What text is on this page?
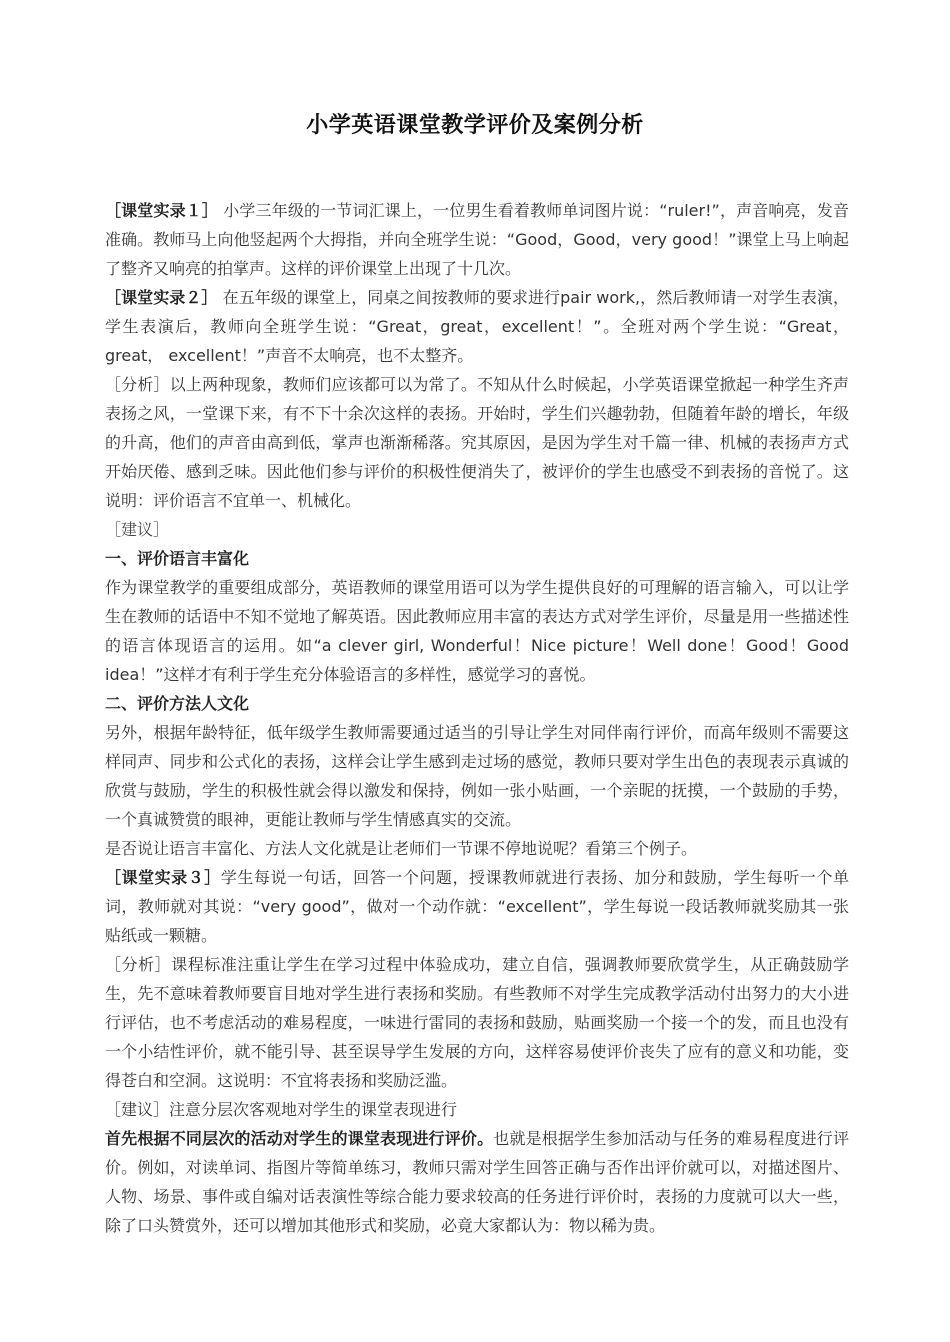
小学英语课堂教学评价及案例分析

［课堂实录１］ 小学三年级的一节词汇课上，一位男生看着教师单词图片说：“ruler!”，声音响亮，发音准确。教师马上向他竖起两个大拇指，并向全班学生说：“Good，Good，very good！”课堂上马上响起了整齐又响亮的拍掌声。这样的评价课堂上出现了十几次。

［课堂实录２］ 在五年级的课堂上，同桌之间按教师的要求进行pair work,，然后教师请一对学生表演，学生表演后，教师向全班学生说：“Great，great，excellent！”。全班对两个学生说：“Great， great， excellent！”声音不太响亮，也不太整齐。

［分析］以上两种现象，教师们应该都可以为常了。不知从什么时候起，小学英语课堂掀起一种学生齐声表扬之风，一堂课下来，有不下十余次这样的表扬。开始时，学生们兴趣勃勃，但随着年龄的增长，年级的升高，他们的声音由高到低，掌声也渐渐稀落。究其原因，是因为学生对千篇一律、机械的表扬声方式开始厌倦、感到乏味。因此他们参与评价的积极性便消失了，被评价的学生也感受不到表扬的音悦了。这说明：评价语言不宜单一、机械化。

［建议］

一、评价语言丰富化

作为课堂教学的重要组成部分，英语教师的课堂用语可以为学生提供良好的可理解的语言输入，可以让学生在教师的话语中不知不觉地了解英语。因此教师应用丰富的表达方式对学生评价，尽量是用一些描述性的语言体现语言的运用。如“a clever girl, Wonderful！Nice picture！Well done！Good！Good idea！”这样才有利于学生充分体验语言的多样性，感觉学习的喜悦。

二、评价方法人文化

另外，根据年龄特征，低年级学生教师需要通过适当的引导让学生对同伴南行评价，而高年级则不需要这样同声、同步和公式化的表扬，这样会让学生感到走过场的感觉，教师只要对学生出色的表现表示真诚的欣赏与鼓励，学生的积极性就会得以激发和保持，例如一张小贴画，一个亲昵的抚摸，一个鼓励的手势，一个真诚赞赏的眼神，更能让教师与学生情感真实的交流。

是否说让语言丰富化、方法人文化就是让老师们一节课不停地说呢？看第三个例子。

［课堂实录３］学生每说一句话，回答一个问题，授课教师就进行表扬、加分和鼓励，学生每听一个单词，教师就对其说：“very good”，做对一个动作就：“excellent”，学生每说一段话教师就奖励其一张贴纸或一颗糖。

［分析］课程标准注重让学生在学习过程中体验成功，建立自信，强调教师要欣赏学生，从正确鼓励学生，先不意味着教师要盲目地对学生进行表扬和奖励。有些教师不对学生完成教学活动付出努力的大小进行评估，也不考虑活动的难易程度，一味进行雷同的表扬和鼓励，贴画奖励一个接一个的发，而且也没有一个小结性评价，就不能引导、甚至误导学生发展的方向，这样容易使评价丧失了应有的意义和功能，变得苍白和空洞。这说明：不宜将表扬和奖励泛滥。

［建议］注意分层次客观地对学生的课堂表现进行

首先根据不同层次的活动对学生的课堂表现进行评价。也就是根据学生参加活动与任务的难易程度进行评价。例如，对读单词、指图片等简单练习，教师只需对学生回答正确与否作出评价就可以，对描述图片、人物、场景、事件或自编对话表演性等综合能力要求较高的任务进行评价时，表扬的力度就可以大一些，除了口头赞赏外，还可以增加其他形式和奖励，必竟大家都认为：物以稀为贵。
